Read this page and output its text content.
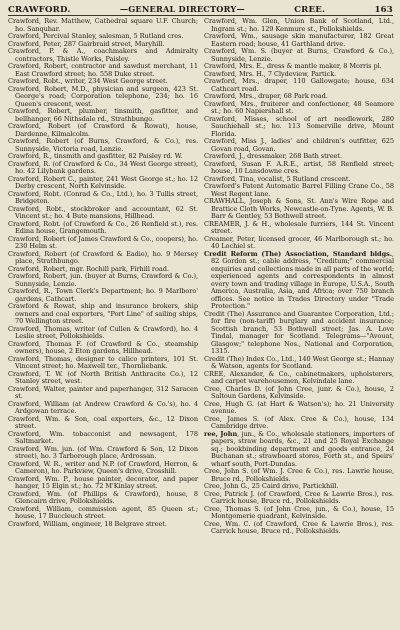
CRAWFORD.	—GENERAL DIRECTORY—	CREE.	163

Crawford, Rev. Matthew, Cathedral square U.F. Church; ho. Sanquhar.

Crawford, Percival Stanley, salesman, 5 Rutland cres.

Crawford, Peter, 287 Gairbraid street, Maryhill.

Crawford, P. & A., coachmakers and Admiralty contractors, Thistle Works, Paisley.

Crawford, Robert, contractor and sawdust merchant, 11 East Crawford street; ho. 558 Duke street.

Crawford, Robt., writer, 234 West George street.

Crawford, Robert, M.D., physician and surgeon, 423 St. George's road; Corporation telephone, 234; ho. 16 Queen's crescent, west.

Crawford, Robert, plumber, tinsmith, gasfitter, and bellhanger, 66 Nithsdale rd., Strathbungo.

Crawford, Robert (of Crawford & Rowat), house, Dardenne, Kilmalcolm.

Crawford, Robert (of Burns, Crawford, & Co.), res. Sunnyside, Victoria road, Lenzie.

Crawford, R., tinsmith and gasfitter, 82 Paisley rd. W.

Crawford, R. (of Crawford & Co., 34 West George street), ho. 42 Lilybank gardens.

Crawford, Robert C., painter, 241 West George st.; ho. 12 Derby crescent, North Kelvinside.

Crawford, Robt. (Conrad & Co., Ltd.), ho. 3 Tullis street, Bridgeton.

Crawford, Robt., stockbroker and accountant, 62 St. Vincent st.; ho. 4 Bute mansions, Hillhead.

Crawford, Robt. (of Crawford & Co., 26 Renfield st.), res. Edina house, Grangemouth.

Crawford, Robert (of James Crawford & Co., coopers), ho. 230 Helm st.

Crawford, Robert (of Crawford & Eadie), ho. 9 Mersey place, Strathbungo.

Crawford, Robert, mgr. Rochill park, Firhill road.

Crawford, Robert, jun. (buyer at Burns, Crawford & Co.), Sunnyside, Lenzie.

Crawford, R., Town Clerk's Department; ho. 9 Marlboro' gardens, Cathcart.

Crawford & Rowat, ship and insurance brokers, ship owners and coal exporters, "Port Line" of sailing ships, 70 Wellington street.

Crawford, Thomas, writer (of Cullen & Crawford), ho. 4 Leslie street, Pollokshields.

Crawford, Thomas F. (of Crawford & Co., steamship owners), house, 2 Eton gardens, Hillhead.

Crawford, Thomas, designer to calico printers, 101 St. Vincent street; ho. Maxwell ter., Thornliebank.

Crawford, T. W. (of North British Anthracite Co.), 12 Stanley street, west.

Crawford, Walter, painter and paperhanger, 312 Saracen st.

Crawford, William (at Andrew Crawford & Co.'s), ho. 4 Ardgowan terrace.

Crawford, Wm. & Son, coal exporters, &c., 12 Dixon street.

Crawford, Wm. tobacconist and newsagent, 178 Saltmarket.

Crawford, Wm. jun. (of Wm. Crawford & Son, 12 Dixon street), ho. 3 Tarborough place, Ardrossan.

Crawford, W. R., writer and N.P. (of Crawford, Herron, & Cameron), ho. Parkview, Queen's drive, Crosshill.

Crawford, Wm. P., house painter, decorator, and paper hanger, 15 Elgin st.; ho. 72 M'Kinlay street.

Crawford, Wm. (of Phillips & Crawford), house, 8 Glencairn drive, Pollokshields.

Crawford, William, commission agent, 85 Queen st.; house, 17 Buccleuch street.

Crawford, William, engineer, 18 Belgrave street.

Crawford, Wm. Glen, Union Bank of Scotland, Ltd., Ingram st.; ho. 129 Kenmure st., Pollokshields.

Crawford, Wm., sausage skin manufacturer, 182 Great Eastern road; house, 41 Garthland drive.

Crawford, Wm. S. (buyer at Burns, Crawford & Co.), Sunnyside, Lenzie.

Crawford, Mrs. E., dress & mantle maker, 8 Morris pl.

Crawford, Mrs. H., 7 Clydeview, Partick.

Crawford, Mrs., draper, 110 Gallowgate; house, 634 Cathcart road.

Crawford, Mrs., draper, 68 Park road.

Crawford, Mrs., fruiterer and confectioner, 48 Seamore st.; ho. 60 Napiershall st.

Crawford, Misses, school of art needlework, 280 Sauchiehall st.; ho. 113 Somerville drive, Mount Florida.

Crawford, Miss J., ladies' and children's outfitter, 625 Govan road, Govan.

Crawford, J., dressmaker, 268 Bath street.

Crawford, Susan F. A.R.E., artist, 58 Renfield street; house, 10 Lansdowne cres.

Crawford, Tina, vocalist, 5 Rutland crescent.

Crawford's Patent Automatic Barrel Filling Crane Co., 58 West Regent lane.

CRAWHALL, Joseph & Sons, St. Ann's Wire Rope and Brattice Cloth Works, Newcastle-on-Tyne. Agents, W. B. Barr & Gentley, 53 Bothwell street.

CREAMER, J. & H., wholesale furriers, 144 St. Vincent street.

Creamer, Peter, licensed grocer, 46 Marlborough st.; ho. 40 Lochiel st.

Credit Reform (The) Association, Standard bldgs., 82 Gordon st.; cable address, "Creditum;" commercial enquiries and collections made in all parts of the world; experienced agents and correspondents in almost every town and trading village in Europe, U.S.A., South America, Australia, Asia, and Africa; over 750 branch offices. See notice in Trades Directory under "Trade Protection."

Credit (The) Assurance and Guarantee Corporation, Ltd.; for fire (non-tariff) burglary and accident insurance; Scottish branch, 53 Bothwell street; Jas. A. Love Tindal, manager for Scotland. Telegrams—"Avouat, Glasgow;" telephone Nos., National and Corporation, 1315.

Credit (The) Index Co., Ltd., 140 West George st.; Hannay & Watson, agents for Scotland.

CREE, Alexander, & Co., cabinetmakers, upholsterers, and carpet warehousemen, Kelvindale lane.

Cree, Charles D. (of John Cree, junr. & Co.), house, 2 Saltoun Gardens, Kelvinside.

Cree, Hugh G. (at Hart & Watson's); ho. 21 University avenue.

Cree, James S. (of Alex. Cree & Co.), house, 134 Cambridge drive.

ree, John, jun., & Co., wholesale stationers, importers of papers, straw boards, &c., 21 and 25 Royal Exchange sq.; bookbinding department and goods entrance, 24 Buchanan st.; strawboard stores, Forth st., and Speirs' wharf south, Port-Dundas.

Cree, John S. (of Wm. J. Cree & Co.), res. Lawrie house, Bruce rd., Pollokshields.

Cree, John G., 25 Caird drive, Partickhill.

Cree, Patrick J. (of Crawford, Cree & Lawrie Bros.), res. Carrick house, Bruce rd., Pollokshields.

Cree, Thomas S. (of John Cree, jun., & Co.), house, 15 Montgomerie quadrant, Kelvinside.

Cree, Wm. C. (of Crawford, Cree & Lawrie Bros.), res. Carrick house, Bruce rd., Pollokshields.
